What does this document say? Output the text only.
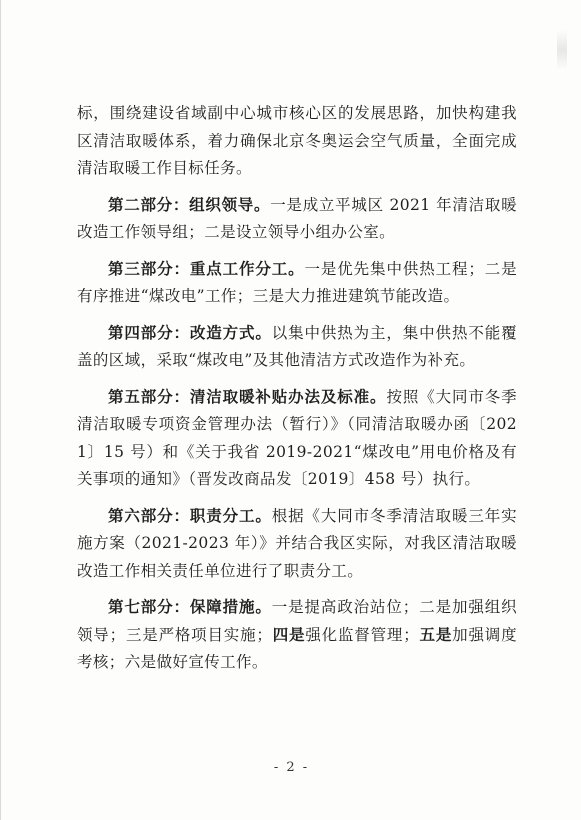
标，围绕建设省域副中心城市核心区的发展思路，加快构建我区清洁取暖体系，着力确保北京冬奥运会空气质量，全面完成清洁取暖工作目标任务。

第二部分：组织领导。一是成立平城区 2021 年清洁取暖改造工作领导组；二是设立领导小组办公室。

第三部分：重点工作分工。一是优先集中供热工程；二是有序推进“煤改电”工作；三是大力推进建筑节能改造。

第四部分：改造方式。以集中供热为主，集中供热不能覆盖的区域，采取“煤改电”及其他清洁方式改造作为补充。

第五部分：清洁取暖补贴办法及标准。按照《大同市冬季清洁取暖专项资金管理办法（暂行）》（同清洁取暖办函〔2021〕15 号）和《关于我省 2019-2021“煤改电”用电价格及有关事项的通知》（晋发改商品发〔2019〕458 号）执行。

第六部分：职责分工。根据《大同市冬季清洁取暖三年实施方案（2021-2023 年）》并结合我区实际，对我区清洁取暖改造工作相关责任单位进行了职责分工。

第七部分：保障措施。一是提高政治站位；二是加强组织领导；三是严格项目实施；四是强化监督管理；五是加强调度考核；六是做好宣传工作。

- 2 -
